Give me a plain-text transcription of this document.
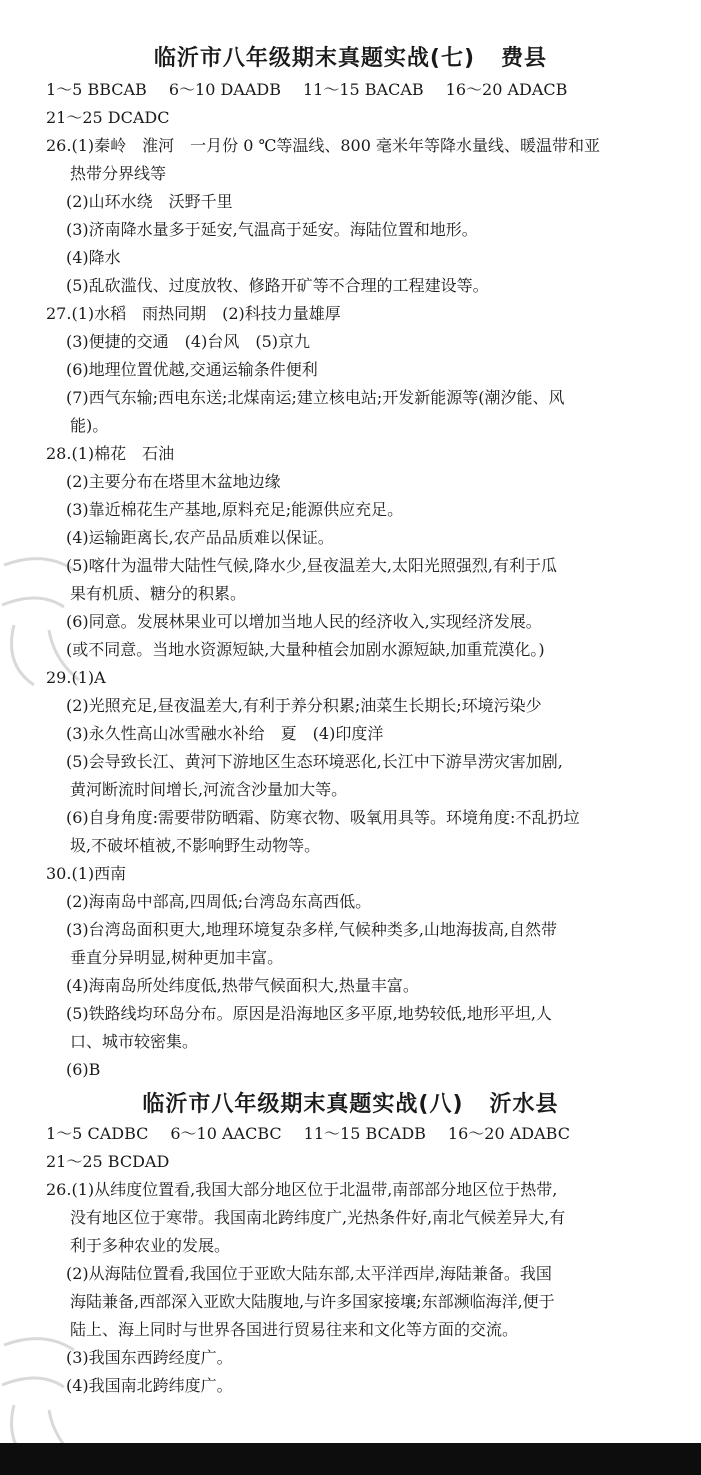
临沂市八年级期末真题实战(七) 费县
1～5 BBCAB 6～10 DAADB 11～15 BACAB 16～20 ADACB
21～25 DCADC
26.(1)秦岭　淮河　一月份 0 ℃等温线、800 毫米年等降水量线、暖温带和亚
热带分界线等
(2)山环水绕　沃野千里
(3)济南降水量多于延安,气温高于延安。海陆位置和地形。
(4)降水
(5)乱砍滥伐、过度放牧、修路开矿等不合理的工程建设等。
27.(1)水稻　雨热同期　(2)科技力量雄厚
(3)便捷的交通　(4)台风　(5)京九
(6)地理位置优越,交通运输条件便利
(7)西气东输;西电东送;北煤南运;建立核电站;开发新能源等(潮汐能、风
能)。
28.(1)棉花　石油
(2)主要分布在塔里木盆地边缘
(3)靠近棉花生产基地,原料充足;能源供应充足。
(4)运输距离长,农产品品质难以保证。
(5)喀什为温带大陆性气候,降水少,昼夜温差大,太阳光照强烈,有利于瓜
果有机质、糖分的积累。
(6)同意。发展林果业可以增加当地人民的经济收入,实现经济发展。
(或不同意。当地水资源短缺,大量种植会加剧水源短缺,加重荒漠化。)
29.(1)A
(2)光照充足,昼夜温差大,有利于养分积累;油菜生长期长;环境污染少
(3)永久性高山冰雪融水补给　夏　(4)印度洋
(5)会导致长江、黄河下游地区生态环境恶化,长江中下游旱涝灾害加剧,
黄河断流时间增长,河流含沙量加大等。
(6)自身角度:需要带防晒霜、防寒衣物、吸氧用具等。环境角度:不乱扔垃
圾,不破坏植被,不影响野生动物等。
30.(1)西南
(2)海南岛中部高,四周低;台湾岛东高西低。
(3)台湾岛面积更大,地理环境复杂多样,气候种类多,山地海拔高,自然带
垂直分异明显,树种更加丰富。
(4)海南岛所处纬度低,热带气候面积大,热量丰富。
(5)铁路线均环岛分布。原因是沿海地区多平原,地势较低,地形平坦,人
口、城市较密集。
(6)B
临沂市八年级期末真题实战(八) 沂水县
1～5 CADBC 6～10 AACBC 11～15 BCADB 16～20 ADABC
21～25 BCDAD
26.(1)从纬度位置看,我国大部分地区位于北温带,南部部分地区位于热带,
没有地区位于寒带。我国南北跨纬度广,光热条件好,南北气候差异大,有
利于多种农业的发展。
(2)从海陆位置看,我国位于亚欧大陆东部,太平洋西岸,海陆兼备。我国
海陆兼备,西部深入亚欧大陆腹地,与许多国家接壤;东部濒临海洋,便于
陆上、海上同时与世界各国进行贸易往来和文化等方面的交流。
(3)我国东西跨经度广。
(4)我国南北跨纬度广。
